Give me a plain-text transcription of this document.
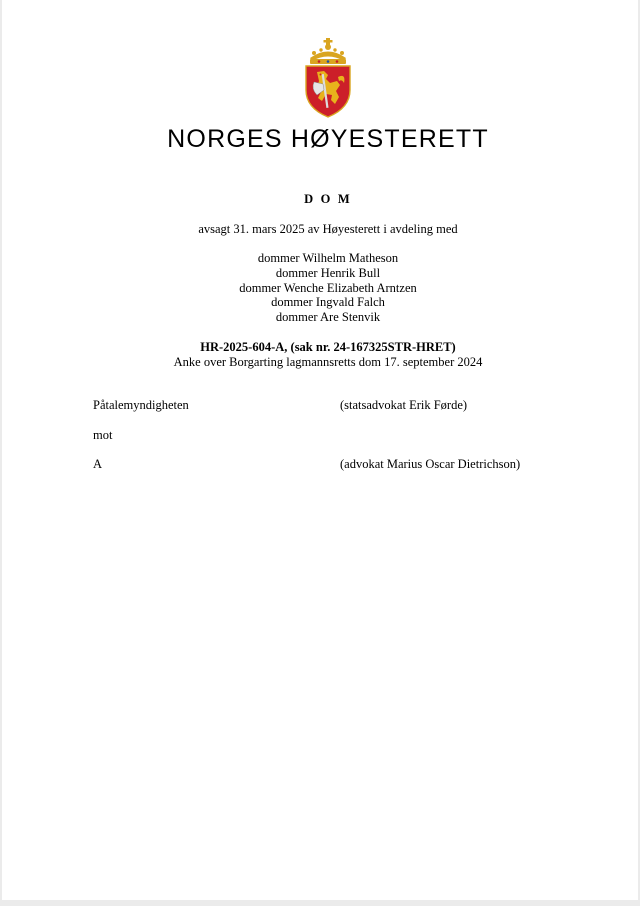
NORGES HØYESTERETT
D O M
avsagt 31. mars 2025 av Høyesterett i avdeling med
dommer Wilhelm Matheson
dommer Henrik Bull
dommer Wenche Elizabeth Arntzen
dommer Ingvald Falch
dommer Are Stenvik
HR-2025-604-A, (sak nr. 24-167325STR-HRET)
Anke over Borgarting lagmannsretts dom 17. september 2024
Påtalemyndigheten	(statsadvokat Erik Førde)
mot
A	(advokat Marius Oscar Dietrichson)
